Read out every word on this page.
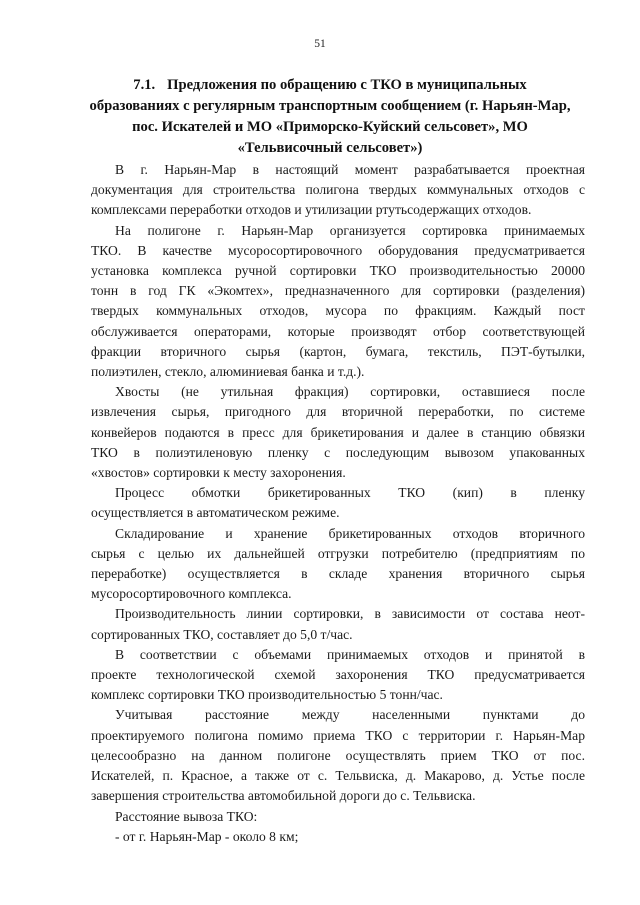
51
7.1. Предложения по обращению с ТКО в муниципальных
образованиях с регулярным транспортным сообщением (г. Нарьян-Мар,
пос. Искателей и МО «Приморско-Куйский сельсовет», МО
«Тельвисочный сельсовет»)
В г. Нарьян-Мар в настоящий момент разрабатывается проектная
документация для строительства полигона твердых коммунальных отходов с
комплексами переработки отходов и утилизации ртутьсодержащих отходов.
На полигоне г. Нарьян-Мар организуется сортировка принимаемых
ТКО. В качестве мусоросортировочного оборудования предусматривается
установка комплекса ручной сортировки ТКО производительностью 20000
тонн в год ГК «Экомтех», предназначенного для сортировки (разделения)
твердых коммунальных отходов, мусора по фракциям. Каждый пост
обслуживается операторами, которые производят отбор соответствующей
фракции вторичного сырья (картон, бумага, текстиль, ПЭТ-бутылки,
полиэтилен, стекло, алюминиевая банка и т.д.).
Хвосты (не утильная фракция) сортировки, оставшиеся после
извлечения сырья, пригодного для вторичной переработки, по системе
конвейеров подаются в пресс для брикетирования и далее в станцию обвязки
ТКО в полиэтиленовую пленку с последующим вывозом упакованных
«хвостов» сортировки к месту захоронения.
Процесс обмотки брикетированных ТКО (кип) в пленку
осуществляется в автоматическом режиме.
Складирование и хранение брикетированных отходов вторичного
сырья с целью их дальнейшей отгрузки потребителю (предприятиям по
переработке) осуществляется в складе хранения вторичного сырья
мусоросортировочного комплекса.
Производительность линии сортировки, в зависимости от состава неот-
сортированных ТКО, составляет до 5,0 т/час.
В соответствии с объемами принимаемых отходов и принятой в
проекте технологической схемой захоронения ТКО предусматривается
комплекс сортировки ТКО производительностью 5 тонн/час.
Учитывая расстояние между населенными пунктами до
проектируемого полигона помимо приема ТКО с территории г. Нарьян-Мар
целесообразно на данном полигоне осуществлять прием ТКО от пос.
Искателей, п. Красное, а также от с. Тельвиска, д. Макарово, д. Устье после
завершения строительства автомобильной дороги до с. Тельвиска.
Расстояние вывоза ТКО:
- от г. Нарьян-Мар - около 8 км;
